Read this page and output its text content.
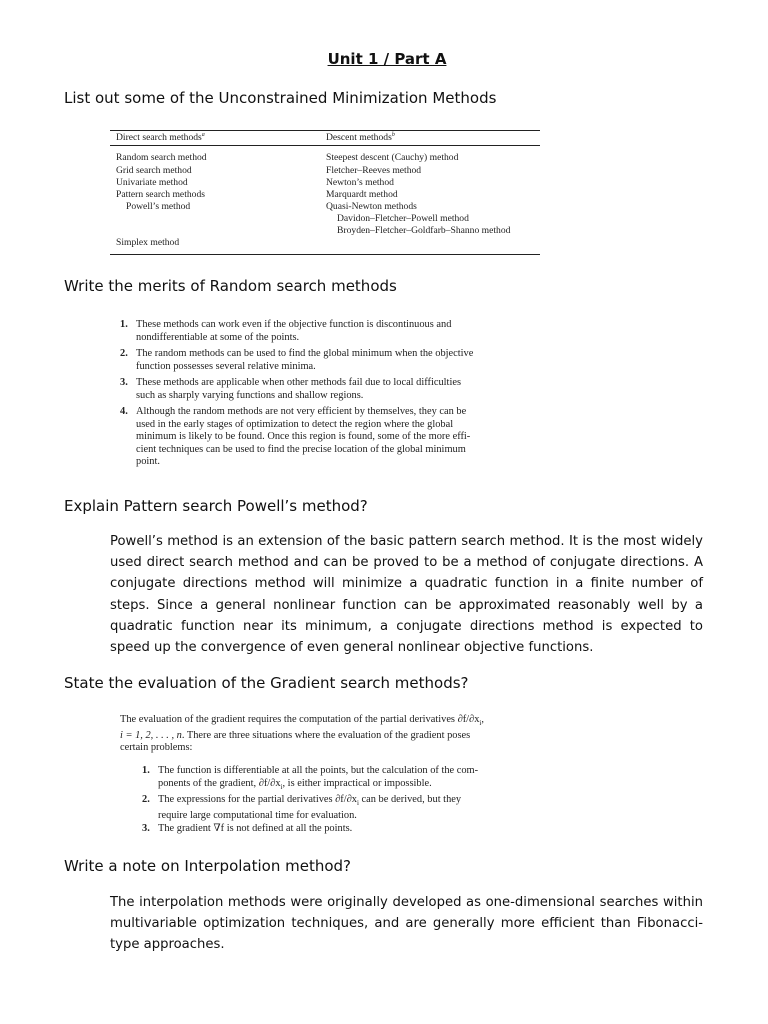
Unit 1 / Part A
List out some of the Unconstrained Minimization Methods
Direct search methods$^a$	Descent methods$^b$
Random search method
Grid search method
Univariate method
Pattern search methods
Powell’s method
Simplex method
Steepest descent (Cauchy) method
Fletcher–Reeves method
Newton’s method
Marquardt method
Quasi-Newton methods
Davidon–Fletcher–Powell method
Broyden–Fletcher–Goldfarb–Shanno method
Write the merits of Random search methods
1. These methods can work even if the objective function is discontinuous and
nondifferentiable at some of the points.
2. The random methods can be used to find the global minimum when the objective
function possesses several relative minima.
3. These methods are applicable when other methods fail due to local difficulties
such as sharply varying functions and shallow regions.
4. Although the random methods are not very efficient by themselves, they can be
used in the early stages of optimization to detect the region where the global
minimum is likely to be found. Once this region is found, some of the more effi-
cient techniques can be used to find the precise location of the global minimum
point.
Explain Pattern search Powell’s method?
Powell’s method is an extension of the basic pattern search method. It is the most widely used direct search method and can be proved to be a method of conjugate directions. A conjugate directions method will minimize a quadratic function in a finite number of steps. Since a general nonlinear function can be approximated reasonably well by a quadratic function near its minimum, a conjugate directions method is expected to speed up the convergence of even general nonlinear objective functions.
State the evaluation of the Gradient search methods?
The evaluation of the gradient requires the computation of the partial derivatives $\partial f/\partial x_i$,
i = 1, 2, . . . , n. There are three situations where the evaluation of the gradient poses
certain problems:
1. The function is differentiable at all the points, but the calculation of the com-
ponents of the gradient, $\partial f/\partial x_i$, is either impractical or impossible.
2. The expressions for the partial derivatives $\partial f/\partial x_i$ can be derived, but they
require large computational time for evaluation.
3. The gradient ∇f is not defined at all the points.
Write a note on Interpolation method?
The interpolation methods were originally developed as one-dimensional searches within multivariable optimization techniques, and are generally more efficient than Fibonacci-type approaches.
